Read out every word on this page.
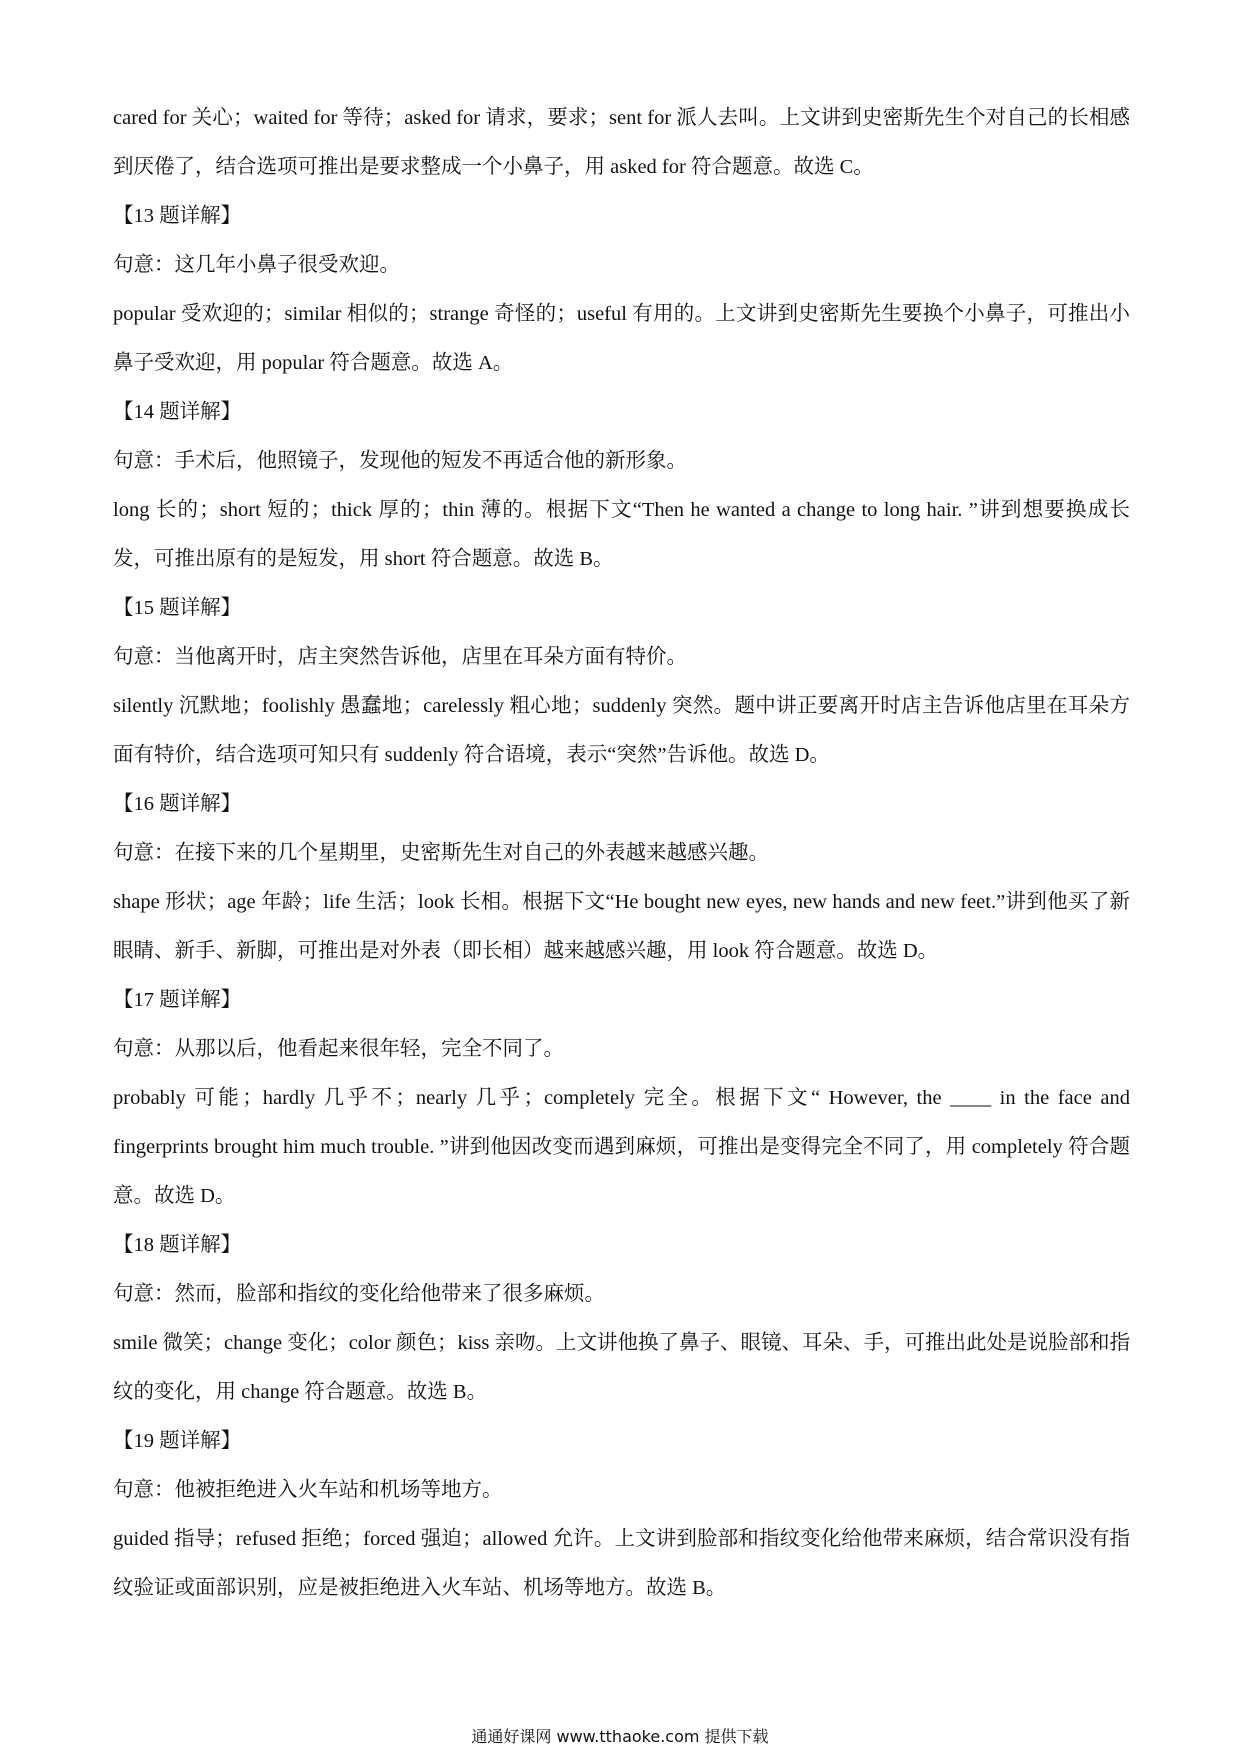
cared for 关心；waited for 等待；asked for 请求，要求；sent for 派人去叫。上文讲到史密斯先生个对自己的长相感到厌倦了，结合选项可推出是要求整成一个小鼻子，用 asked for 符合题意。故选 C。

【13 题详解】

句意：这几年小鼻子很受欢迎。

popular 受欢迎的；similar 相似的；strange 奇怪的；useful 有用的。上文讲到史密斯先生要换个小鼻子，可推出小鼻子受欢迎，用 popular 符合题意。故选 A。

【14 题详解】

句意：手术后，他照镜子，发现他的短发不再适合他的新形象。

long 长的；short 短的；thick 厚的；thin 薄的。根据下文“Then he wanted a change to long hair. ”讲到想要换成长发，可推出原有的是短发，用 short 符合题意。故选 B。

【15 题详解】

句意：当他离开时，店主突然告诉他，店里在耳朵方面有特价。

silently 沉默地；foolishly 愚蠢地；carelessly 粗心地；suddenly 突然。题中讲正要离开时店主告诉他店里在耳朵方面有特价，结合选项可知只有 suddenly 符合语境，表示“突然”告诉他。故选 D。

【16 题详解】

句意：在接下来的几个星期里，史密斯先生对自己的外表越来越感兴趣。

shape 形状；age 年龄；life 生活；look 长相。根据下文“He bought new eyes, new hands and new feet.”讲到他买了新眼睛、新手、新脚，可推出是对外表（即长相）越来越感兴趣，用 look 符合题意。故选 D。

【17 题详解】

句意：从那以后，他看起来很年轻，完全不同了。

probably 可能；hardly 几乎不；nearly 几乎；completely 完全。根据下文“ However, the ____ in the face and fingerprints brought him much trouble. ”讲到他因改变而遇到麻烦，可推出是变得完全不同了，用 completely 符合题意。故选 D。

【18 题详解】

句意：然而，脸部和指纹的变化给他带来了很多麻烦。

smile 微笑；change 变化；color 颜色；kiss 亲吻。上文讲他换了鼻子、眼镜、耳朵、手，可推出此处是说脸部和指纹的变化，用 change 符合题意。故选 B。

【19 题详解】

句意：他被拒绝进入火车站和机场等地方。

guided 指导；refused 拒绝；forced 强迫；allowed 允许。上文讲到脸部和指纹变化给他带来麻烦，结合常识没有指纹验证或面部识别，应是被拒绝进入火车站、机场等地方。故选 B。

通通好课网 www.tthaoke.com 提供下载
